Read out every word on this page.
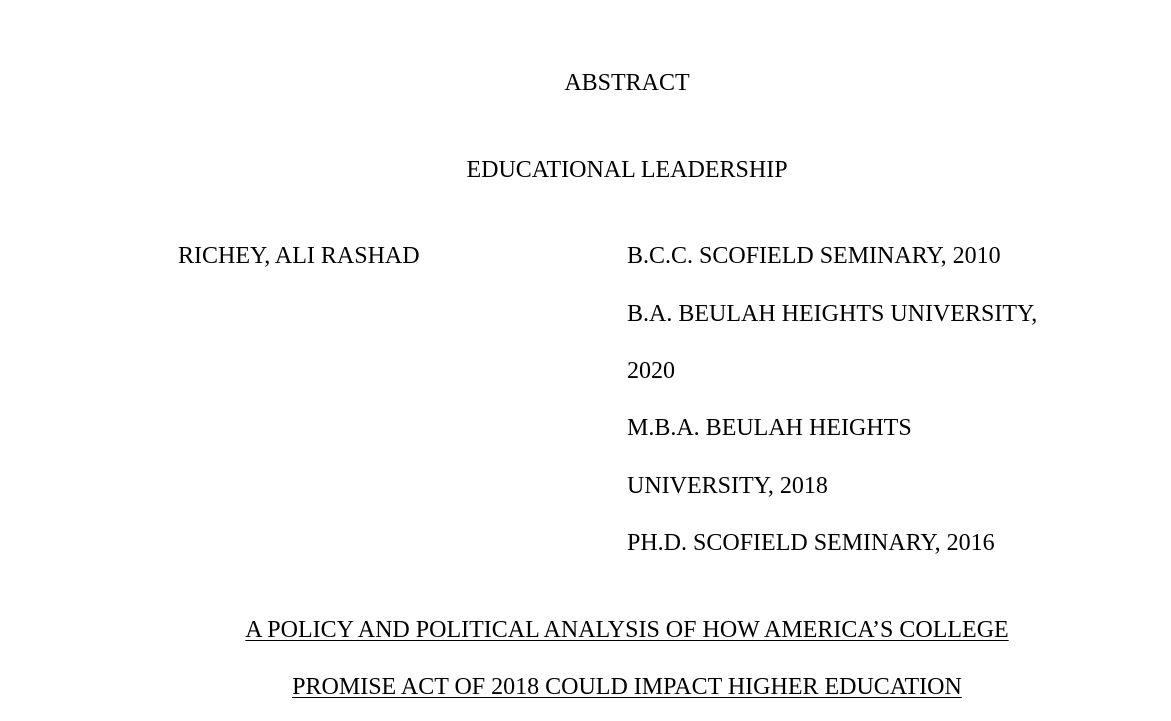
ABSTRACT
EDUCATIONAL LEADERSHIP
RICHEY, ALI RASHAD	B.C.C. SCOFIELD SEMINARY, 2010
B.A. BEULAH HEIGHTS UNIVERSITY,
2020
M.B.A. BEULAH HEIGHTS
UNIVERSITY, 2018
PH.D. SCOFIELD SEMINARY, 2016
A POLICY AND POLITICAL ANALYSIS OF HOW AMERICA’S COLLEGE
PROMISE ACT OF 2018 COULD IMPACT HIGHER EDUCATION
